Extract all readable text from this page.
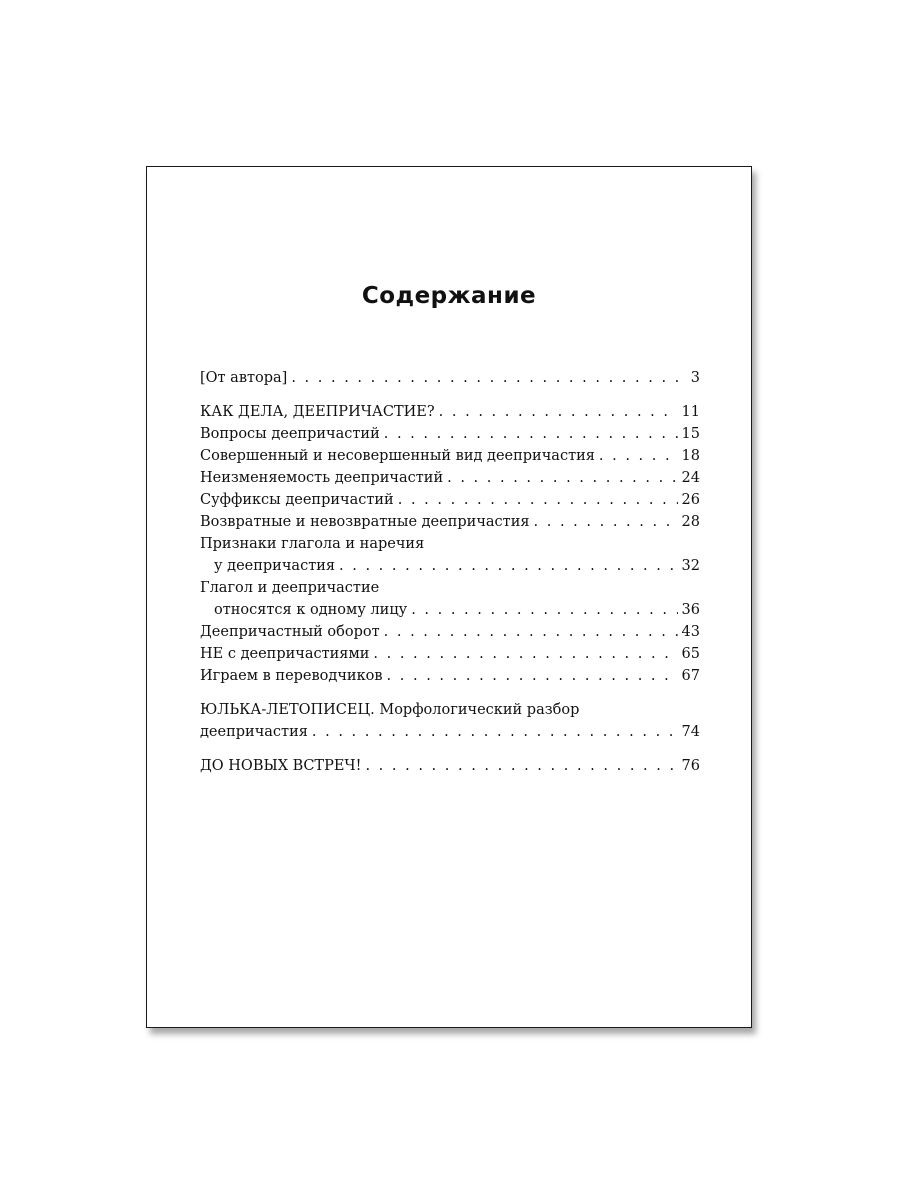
Содержание
[От автора] . . .	3
КАК ДЕЛА, ДЕЕПРИЧАСТИЕ? . . .	11
Вопросы деепричастий . . .	15
Совершенный и несовершенный вид деепричастия . . .	18
Неизменяемость деепричастий . . .	24
Суффиксы деепричастий . . .	26
Возвратные и невозвратные деепричастия . . .	28
Признаки глагола и наречия
у деепричастия . . .	32
Глагол и деепричастие
относятся к одному лицу . . .	36
Деепричастный оборот . . .	43
НЕ с деепричастиями . . .	65
Играем в переводчиков . . .	67
ЮЛЬКА-ЛЕТОПИСЕЦ. Морфологический разбор
деепричастия . . .	74
ДО НОВЫХ ВСТРЕЧ! . . .	76
